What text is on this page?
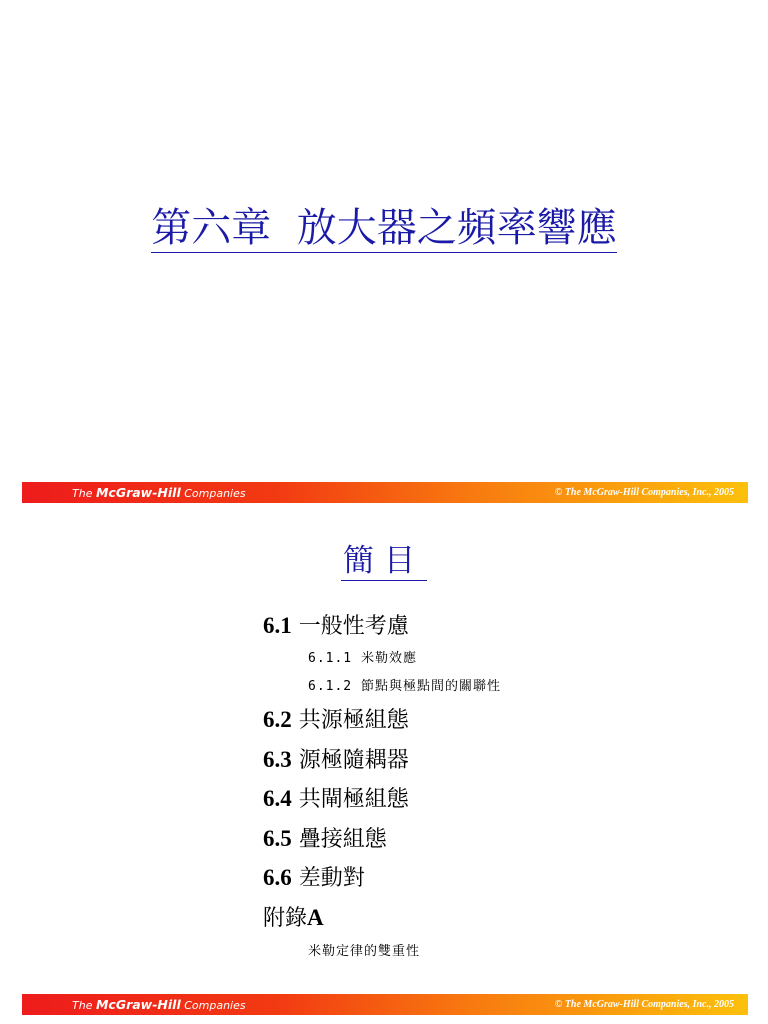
第六章  放大器之頻率響應
The McGraw-Hill Companies	© The McGraw-Hill Companies, Inc., 2005
簡目
6.1 一般性考慮
6.1.1 米勒效應
6.1.2 節點與極點間的關聯性
6.2 共源極組態
6.3 源極隨耦器
6.4 共閘極組態
6.5 疊接組態
6.6 差動對
附錄A
米勒定律的雙重性
The McGraw-Hill Companies	© The McGraw-Hill Companies, Inc., 2005
